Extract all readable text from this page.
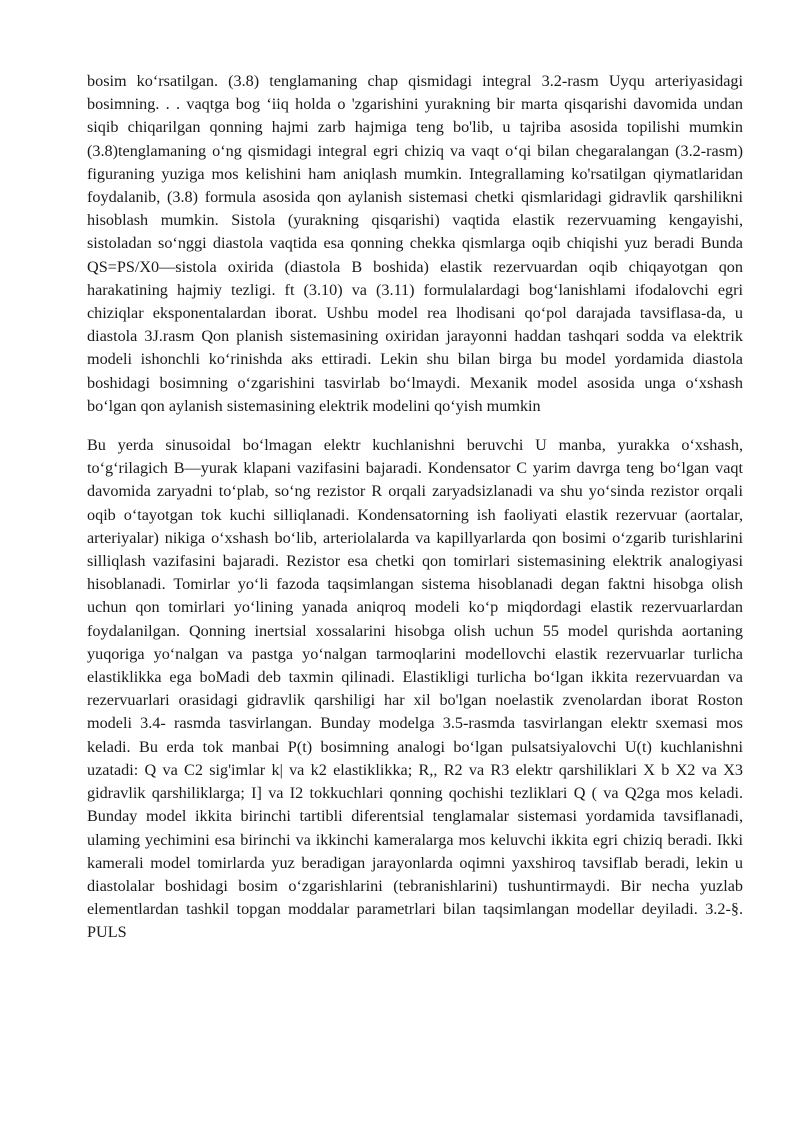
bosim ko‘rsatilgan. (3.8) tenglamaning chap qismidagi integral 3.2-rasm Uyqu arteriyasidagi bosimning. . . vaqtga bog ‘iiq holda o 'zgarishini yurakning bir marta qisqarishi davomida undan siqib chiqarilgan qonning hajmi zarb hajmiga teng bo'lib, u tajriba asosida topilishi mumkin (3.8)tenglamaning o‘ng qismidagi integral egri chiziq va vaqt o‘qi bilan chegaralangan (3.2-rasm) figuraning yuziga mos kelishini ham aniqlash mumkin. Integrallaming ko'rsatilgan qiymatlaridan foydalanib, (3.8) formula asosida qon aylanish sistemasi chetki qismlaridagi gidravlik qarshilikni hisoblash mumkin. Sistola (yurakning qisqarishi) vaqtida elastik rezervuaming kengayishi, sistoladan so‘nggi diastola vaqtida esa qonning chekka qismlarga oqib chiqishi yuz beradi Bunda QS=PS/X0—sistola oxirida (diastola B boshida) elastik rezervuardan oqib chiqayotgan qon harakatining hajmiy tezligi. ft (3.10) va (3.11) formulalardagi bog‘lanishlami ifodalovchi egri chiziqlar eksponentalardan iborat. Ushbu model rea lhodisani qo‘pol darajada tavsiflasa-da, u diastola 3J.rasm Qon planish sistemasining oxiridan jarayonni haddan tashqari sodda va elektrik modeli ishonchli ko‘rinishda aks ettiradi. Lekin shu bilan birga bu model yordamida diastola boshidagi bosimning o‘zgarishini tasvirlab bo‘lmaydi. Mexanik model asosida unga o‘xshash bo‘lgan qon aylanish sistemasining elektrik modelini qo‘yish mumkin

Bu yerda sinusoidal bo‘lmagan elektr kuchlanishni beruvchi U manba, yurakka o‘xshash, to‘g‘rilagich B—yurak klapani vazifasini bajaradi. Kondensator C yarim davrga teng bo‘lgan vaqt davomida zaryadni to‘plab, so‘ng rezistor R orqali zaryadsizlanadi va shu yo‘sinda rezistor orqali oqib o‘tayotgan tok kuchi silliqlanadi. Kondensatorning ish faoliyati elastik rezervuar (aortalar, arteriyalar) nikiga o‘xshash bo‘lib, arteriolalarda va kapillyarlarda qon bosimi o‘zgarib turishlarini silliqlash vazifasini bajaradi. Rezistor esa chetki qon tomirlari sistemasining elektrik analogiyasi hisoblanadi. Tomirlar yo‘li fazoda taqsimlangan sistema hisoblanadi degan faktni hisobga olish uchun qon tomirlari yo‘lining yanada aniqroq modeli ko‘p miqdordagi elastik rezervuarlardan foydalanilgan. Qonning inertsial xossalarini hisobga olish uchun 55 model qurishda aortaning yuqoriga yo‘nalgan va pastga yo‘nalgan tarmoqlarini modellovchi elastik rezervuarlar turlicha elastiklikka ega boMadi deb taxmin qilinadi. Elastikligi turlicha bo‘lgan ikkita rezervuardan va rezervuarlari orasidagi gidravlik qarshiligi har xil bo'lgan noelastik zvenolardan iborat Roston modeli 3.4- rasmda tasvirlangan. Bunday modelga 3.5-rasmda tasvirlangan elektr sxemasi mos keladi. Bu erda tok manbai P(t) bosimning analogi bo‘lgan pulsatsiyalovchi U(t) kuchlanishni uzatadi: Q va C2 sig'imlar k| va k2 elastiklikka; R,, R2 va R3 elektr qarshiliklari X b X2 va X3 gidravlik qarshiliklarga; I] va I2 tokkuchlari qonning qochishi tezliklari Q ( va Q2ga mos keladi. Bunday model ikkita birinchi tartibli diferentsial tenglamalar sistemasi yordamida tavsiflanadi, ulaming yechimini esa birinchi va ikkinchi kameralarga mos keluvchi ikkita egri chiziq beradi. Ikki kamerali model tomirlarda yuz beradigan jarayonlarda oqimni yaxshiroq tavsiflab beradi, lekin u diastolalar boshidagi bosim o‘zgarishlarini (tebranishlarini) tushuntirmaydi. Bir necha yuzlab elementlardan tashkil topgan moddalar parametrlari bilan taqsimlangan modellar deyiladi. 3.2-§. PULS
